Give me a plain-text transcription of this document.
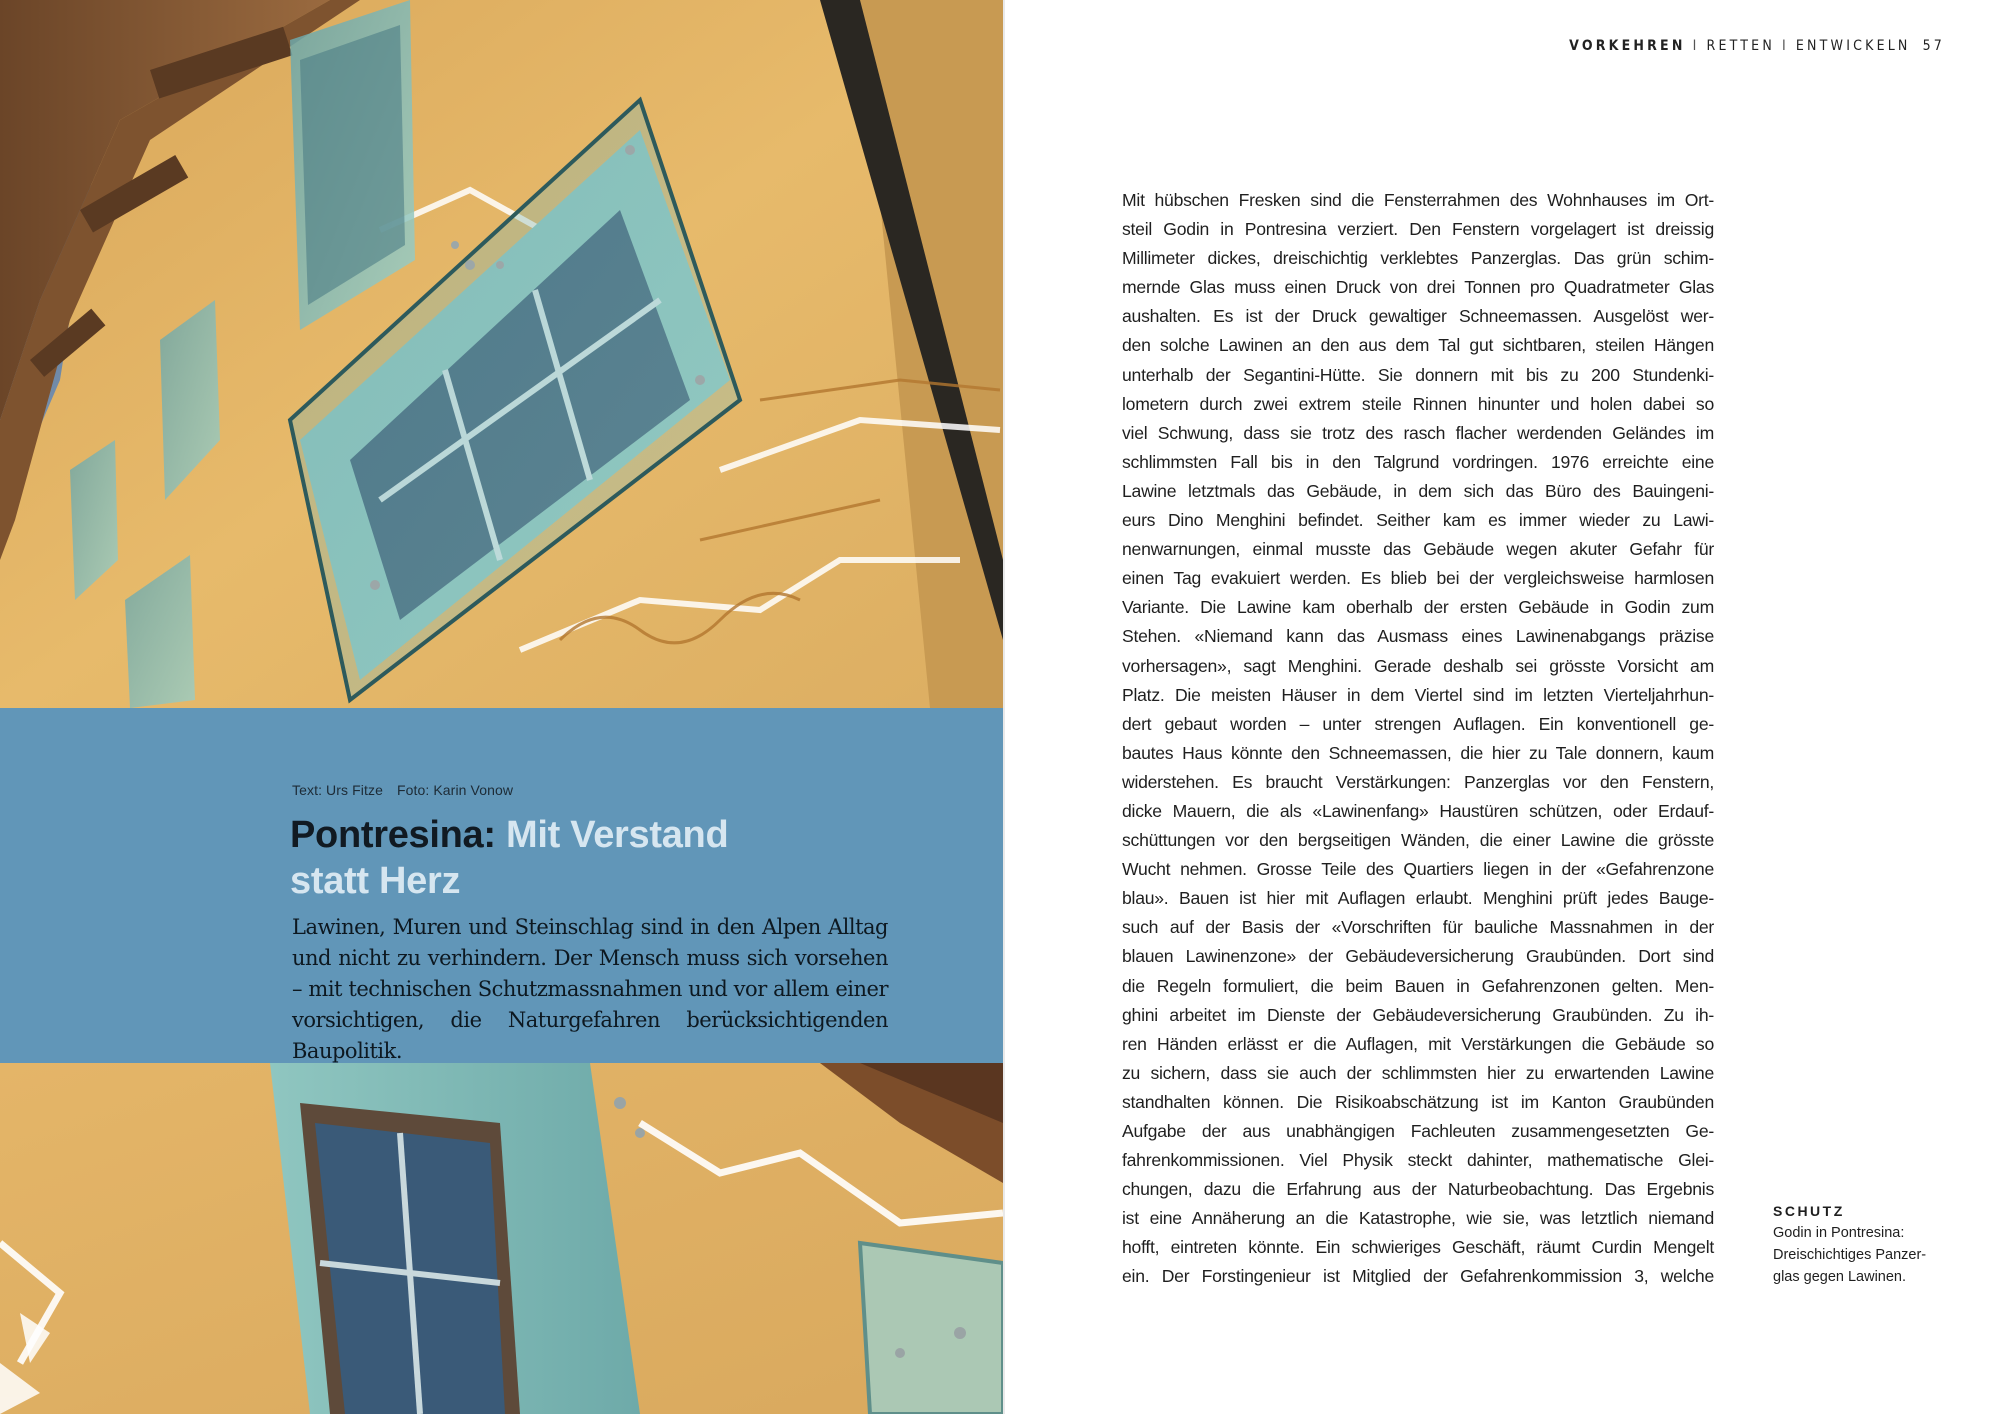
Text: Urs Fitze Foto: Karin Vonow
Pontresina: Mit Verstand
statt Herz
Lawinen, Muren und Steinschlag sind in den Alpen Alltag und nicht zu verhindern. Der Mensch muss sich vorsehen – mit technischen Schutzmassnahmen und vor allem einer vorsichtigen, die Naturgefahren berücksichtigenden Baupolitik.
VORKEHREN I RETTEN I ENTWICKELN 57
Mit hübschen Fresken sind die Fensterrahmen des Wohnhauses im Ort-
steil Godin in Pontresina verziert. Den Fenstern vorgelagert ist dreissig
Millimeter dickes, dreischichtig verklebtes Panzerglas. Das grün schim-
mernde Glas muss einen Druck von drei Tonnen pro Quadratmeter Glas
aushalten. Es ist der Druck gewaltiger Schneemassen. Ausgelöst wer-
den solche Lawinen an den aus dem Tal gut sichtbaren, steilen Hängen
unterhalb der Segantini-Hütte. Sie donnern mit bis zu 200 Stundenki-
lometern durch zwei extrem steile Rinnen hinunter und holen dabei so
viel Schwung, dass sie trotz des rasch flacher werdenden Geländes im
schlimmsten Fall bis in den Talgrund vordringen. 1976 erreichte eine
Lawine letztmals das Gebäude, in dem sich das Büro des Bauingeni-
eurs Dino Menghini befindet. Seither kam es immer wieder zu Lawi-
nenwarnungen, einmal musste das Gebäude wegen akuter Gefahr für
einen Tag evakuiert werden. Es blieb bei der vergleichsweise harmlosen
Variante. Die Lawine kam oberhalb der ersten Gebäude in Godin zum
Stehen. «Niemand kann das Ausmass eines Lawinenabgangs präzise
vorhersagen», sagt Menghini. Gerade deshalb sei grösste Vorsicht am
Platz. Die meisten Häuser in dem Viertel sind im letzten Vierteljahrhun-
dert gebaut worden – unter strengen Auflagen. Ein konventionell ge-
bautes Haus könnte den Schneemassen, die hier zu Tale donnern, kaum
widerstehen. Es braucht Verstärkungen: Panzerglas vor den Fenstern,
dicke Mauern, die als «Lawinenfang» Haustüren schützen, oder Erdauf-
schüttungen vor den bergseitigen Wänden, die einer Lawine die grösste
Wucht nehmen. Grosse Teile des Quartiers liegen in der «Gefahrenzone
blau». Bauen ist hier mit Auflagen erlaubt. Menghini prüft jedes Bauge-
such auf der Basis der «Vorschriften für bauliche Massnahmen in der
blauen Lawinenzone» der Gebäudeversicherung Graubünden. Dort sind
die Regeln formuliert, die beim Bauen in Gefahrenzonen gelten. Men-
ghini arbeitet im Dienste der Gebäudeversicherung Graubünden. Zu ih-
ren Händen erlässt er die Auflagen, mit Verstärkungen die Gebäude so
zu sichern, dass sie auch der schlimmsten hier zu erwartenden Lawine
standhalten können. Die Risikoabschätzung ist im Kanton Graubünden
Aufgabe der aus unabhängigen Fachleuten zusammengesetzten Ge-
fahrenkommissionen. Viel Physik steckt dahinter, mathematische Glei-
chungen, dazu die Erfahrung aus der Naturbeobachtung. Das Ergebnis
ist eine Annäherung an die Katastrophe, wie sie, was letztlich niemand
hofft, eintreten könnte. Ein schwieriges Geschäft, räumt Curdin Mengelt
ein. Der Forstingenieur ist Mitglied der Gefahrenkommission 3, welche
SCHUTZ
Godin in Pontresina:
Dreischichtiges Panzer-
glas gegen Lawinen.
